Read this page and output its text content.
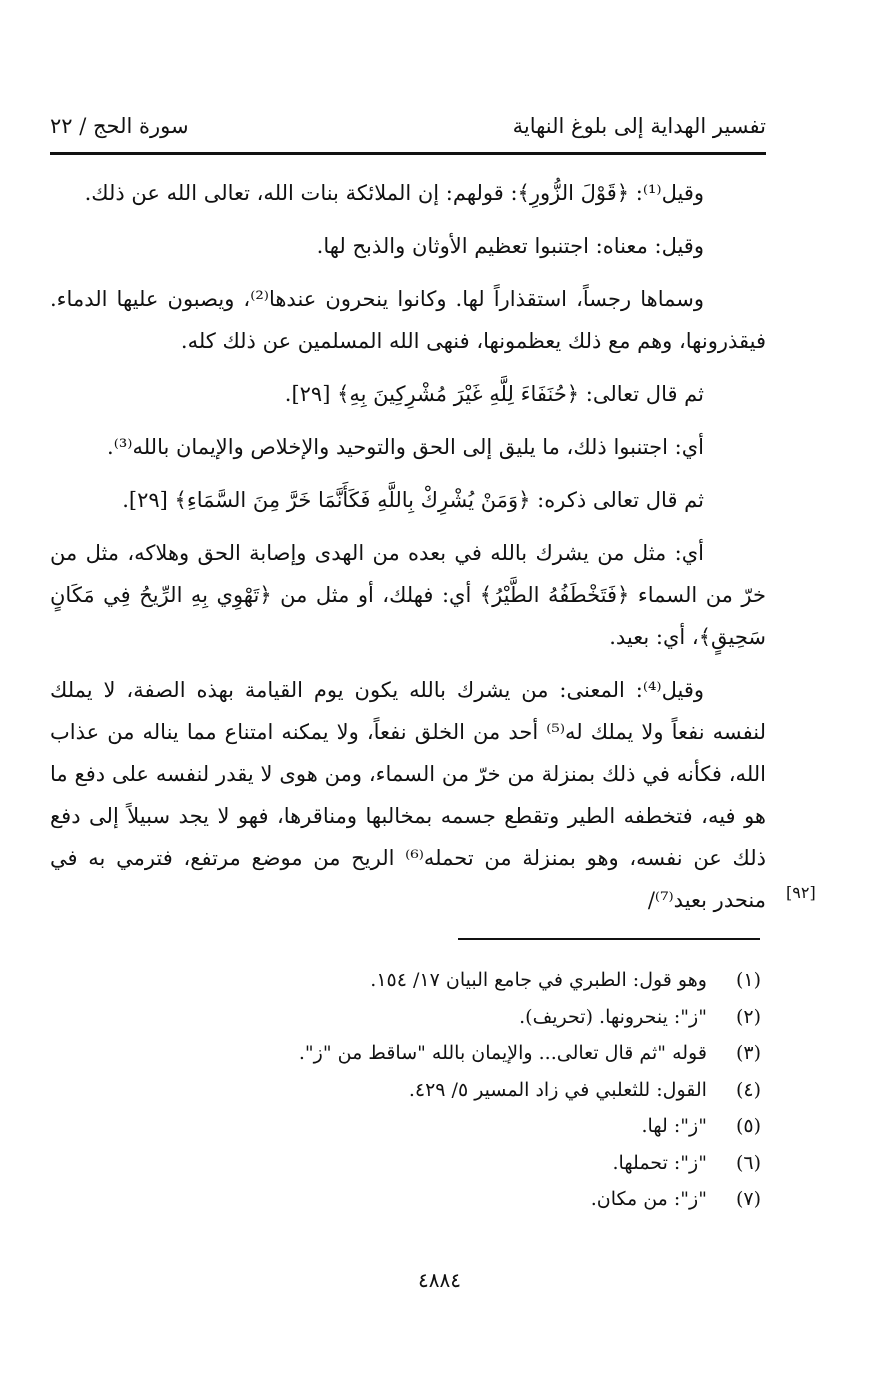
تفسير الهداية إلى بلوغ النهاية
سورة الحج / ٢٢

وقيل⁽¹⁾: ﴿قَوْلَ الزُّورِ﴾: قولهم: إن الملائكة بنات الله، تعالى الله عن ذلك.

وقيل: معناه: اجتنبوا تعظيم الأوثان والذبح لها.

وسماها رجساً، استقذاراً لها. وكانوا ينحرون عندها⁽²⁾، ويصبون عليها الدماء. فيقذرونها، وهم مع ذلك يعظمونها، فنهى الله المسلمين عن ذلك كله.

ثم قال تعالى: ﴿حُنَفَاءَ لِلَّهِ غَيْرَ مُشْرِكِينَ بِهِ﴾ [٢٩].

أي: اجتنبوا ذلك، ما يليق إلى الحق والتوحيد والإخلاص والإيمان بالله⁽³⁾.

ثم قال تعالى ذكره: ﴿وَمَنْ يُشْرِكْ بِاللَّهِ فَكَأَنَّمَا خَرَّ مِنَ السَّمَاءِ﴾ [٢٩].

أي: مثل من يشرك بالله في بعده من الهدى وإصابة الحق وهلاكه، مثل من خرّ من السماء ﴿فَتَخْطَفُهُ الطَّيْرُ﴾ أي: فهلك، أو مثل من ﴿تَهْوِي بِهِ الرِّيحُ فِي مَكَانٍ سَحِيقٍ﴾، أي: بعيد.

وقيل⁽⁴⁾: المعنى: من يشرك بالله يكون يوم القيامة بهذه الصفة، لا يملك لنفسه نفعاً ولا يملك له⁽⁵⁾ أحد من الخلق نفعاً، ولا يمكنه امتناع مما يناله من عذاب الله، فكأنه في ذلك بمنزلة من خرّ من السماء، ومن هوى لا يقدر لنفسه على دفع ما هو فيه، فتخطفه الطير وتقطع جسمه بمخالبها ومناقرها، فهو لا يجد سبيلاً إلى دفع ذلك عن نفسه، وهو بمنزلة من تحمله⁽⁶⁾ الريح من موضع مرتفع، فترمي به في منحدر بعيد⁽⁷⁾/ [٩٢]
(١) وهو قول: الطبري في جامع البيان ١٧/ ١٥٤.
(٢) "ز": ينحرونها. (تحريف).
(٣) قوله "ثم قال تعالى... والإيمان بالله "ساقط من "ز".
(٤) القول: للثعلبي في زاد المسير ٥/ ٤٢٩.
(٥) "ز": لها.
(٦) "ز": تحملها.
(٧) "ز": من مكان.
٤٨٨٤
